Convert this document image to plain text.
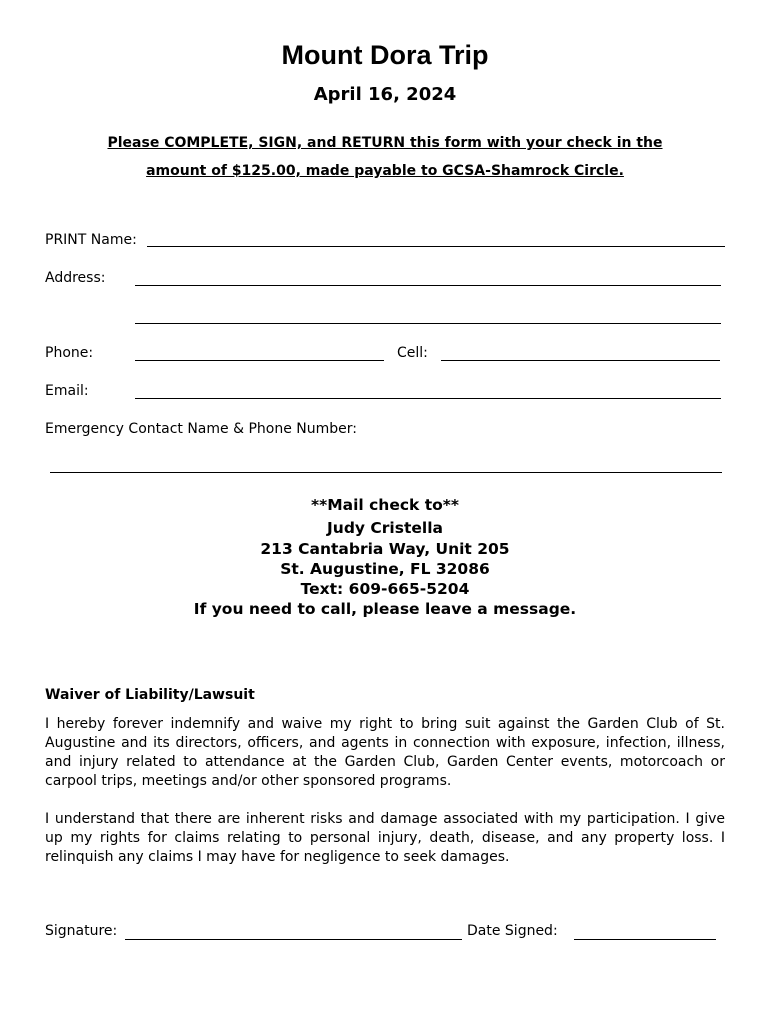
Mount Dora Trip
April 16, 2024
Please COMPLETE, SIGN, and RETURN this form with your check in the
amount of $125.00, made payable to GCSA-Shamrock Circle.
PRINT Name:
Address:
Phone:	Cell:
Email:
Emergency Contact Name & Phone Number:
**Mail check to**
Judy Cristella
213 Cantabria Way, Unit 205
St. Augustine, FL 32086
Text: 609-665-5204
If you need to call, please leave a message.
Waiver of Liability/Lawsuit
I hereby forever indemnify and waive my right to bring suit against the Garden Club of St. Augustine and its directors, officers, and agents in connection with exposure, infection, illness, and injury related to attendance at the Garden Club, Garden Center events, motorcoach or carpool trips, meetings and/or other sponsored programs.
I understand that there are inherent risks and damage associated with my participation. I give up my rights for claims relating to personal injury, death, disease, and any property loss. I relinquish any claims I may have for negligence to seek damages.
Signature:	Date Signed:
